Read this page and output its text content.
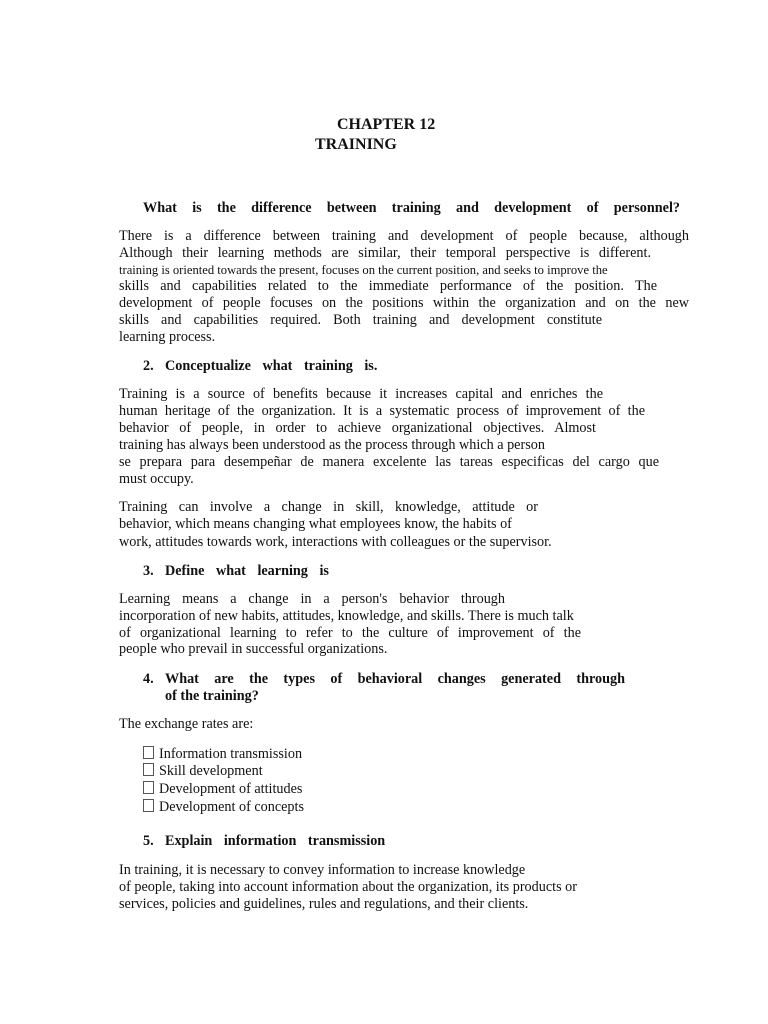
CHAPTER 12
TRAINING
What is the difference between training and development of personnel?
There is a difference between training and development of people because, although
Although their learning methods are similar, their temporal perspective is different.
training is oriented towards the present, focuses on the current position, and seeks to improve the
skills and capabilities related to the immediate performance of the position. The
development of people focuses on the positions within the organization and on the new
skills and capabilities required. Both training and development constitute
learning process.
2. Conceptualize what training is.
Training is a source of benefits because it increases capital and enriches the
human heritage of the organization. It is a systematic process of improvement of the
behavior of people, in order to achieve organizational objectives. Almost
training has always been understood as the process through which a person
se prepara para desempeñar de manera excelente las tareas especificas del cargo que
must occupy.
Training can involve a change in skill, knowledge, attitude or
behavior, which means changing what employees know, the habits of
work, attitudes towards work, interactions with colleagues or the supervisor.
3. Define what learning is
Learning means a change in a person's behavior through
incorporation of new habits, attitudes, knowledge, and skills. There is much talk
of organizational learning to refer to the culture of improvement of the
people who prevail in successful organizations.
4. What are the types of behavioral changes generated through
of the training?
The exchange rates are:
Information transmission
Skill development
Development of attitudes
Development of concepts
5. Explain information transmission
In training, it is necessary to convey information to increase knowledge
of people, taking into account information about the organization, its products or
services, policies and guidelines, rules and regulations, and their clients.
